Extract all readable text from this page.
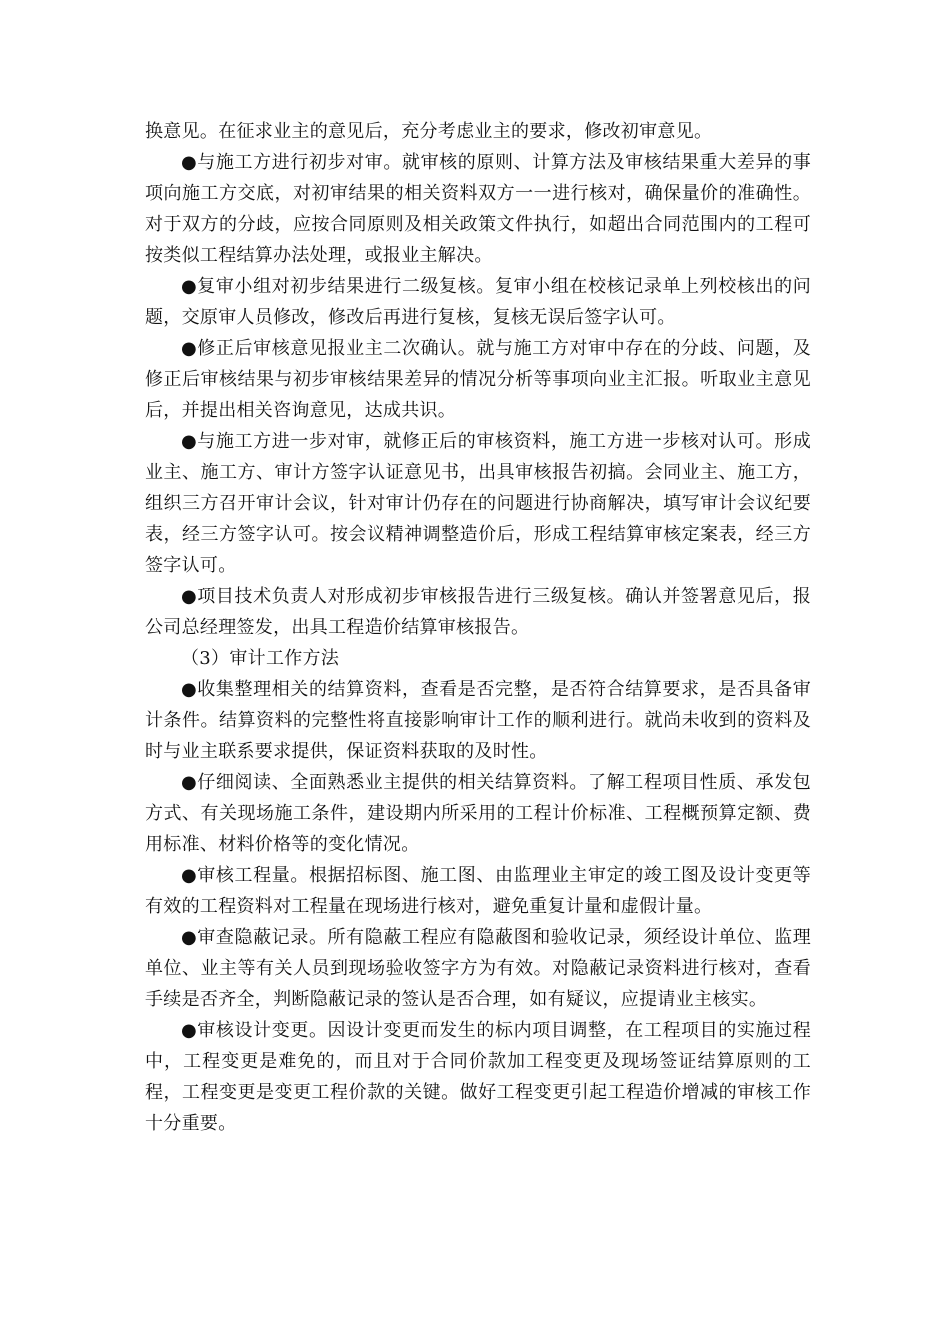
换意见。在征求业主的意见后，充分考虑业主的要求，修改初审意见。

●与施工方进行初步对审。就审核的原则、计算方法及审核结果重大差异的事项向施工方交底，对初审结果的相关资料双方一一进行核对，确保量价的准确性。对于双方的分歧，应按合同原则及相关政策文件执行，如超出合同范围内的工程可按类似工程结算办法处理，或报业主解决。

●复审小组对初步结果进行二级复核。复审小组在校核记录单上列校核出的问题，交原审人员修改，修改后再进行复核，复核无误后签字认可。

●修正后审核意见报业主二次确认。就与施工方对审中存在的分歧、问题，及修正后审核结果与初步审核结果差异的情况分析等事项向业主汇报。听取业主意见后，并提出相关咨询意见，达成共识。

●与施工方进一步对审，就修正后的审核资料，施工方进一步核对认可。形成业主、施工方、审计方签字认证意见书，出具审核报告初搞。会同业主、施工方，组织三方召开审计会议，针对审计仍存在的问题进行协商解决，填写审计会议纪要表，经三方签字认可。按会议精神调整造价后，形成工程结算审核定案表，经三方签字认可。

●项目技术负责人对形成初步审核报告进行三级复核。确认并签署意见后，报公司总经理签发，出具工程造价结算审核报告。

（3）审计工作方法

●收集整理相关的结算资料，查看是否完整，是否符合结算要求，是否具备审计条件。结算资料的完整性将直接影响审计工作的顺利进行。就尚未收到的资料及时与业主联系要求提供，保证资料获取的及时性。

●仔细阅读、全面熟悉业主提供的相关结算资料。了解工程项目性质、承发包方式、有关现场施工条件，建设期内所采用的工程计价标准、工程概预算定额、费用标准、材料价格等的变化情况。

●审核工程量。根据招标图、施工图、由监理业主审定的竣工图及设计变更等有效的工程资料对工程量在现场进行核对，避免重复计量和虚假计量。

●审查隐蔽记录。所有隐蔽工程应有隐蔽图和验收记录，须经设计单位、监理单位、业主等有关人员到现场验收签字方为有效。对隐蔽记录资料进行核对，查看手续是否齐全，判断隐蔽记录的签认是否合理，如有疑议，应提请业主核实。

●审核设计变更。因设计变更而发生的标内项目调整，在工程项目的实施过程中，工程变更是难免的，而且对于合同价款加工程变更及现场签证结算原则的工程，工程变更是变更工程价款的关键。做好工程变更引起工程造价增减的审核工作十分重要。
